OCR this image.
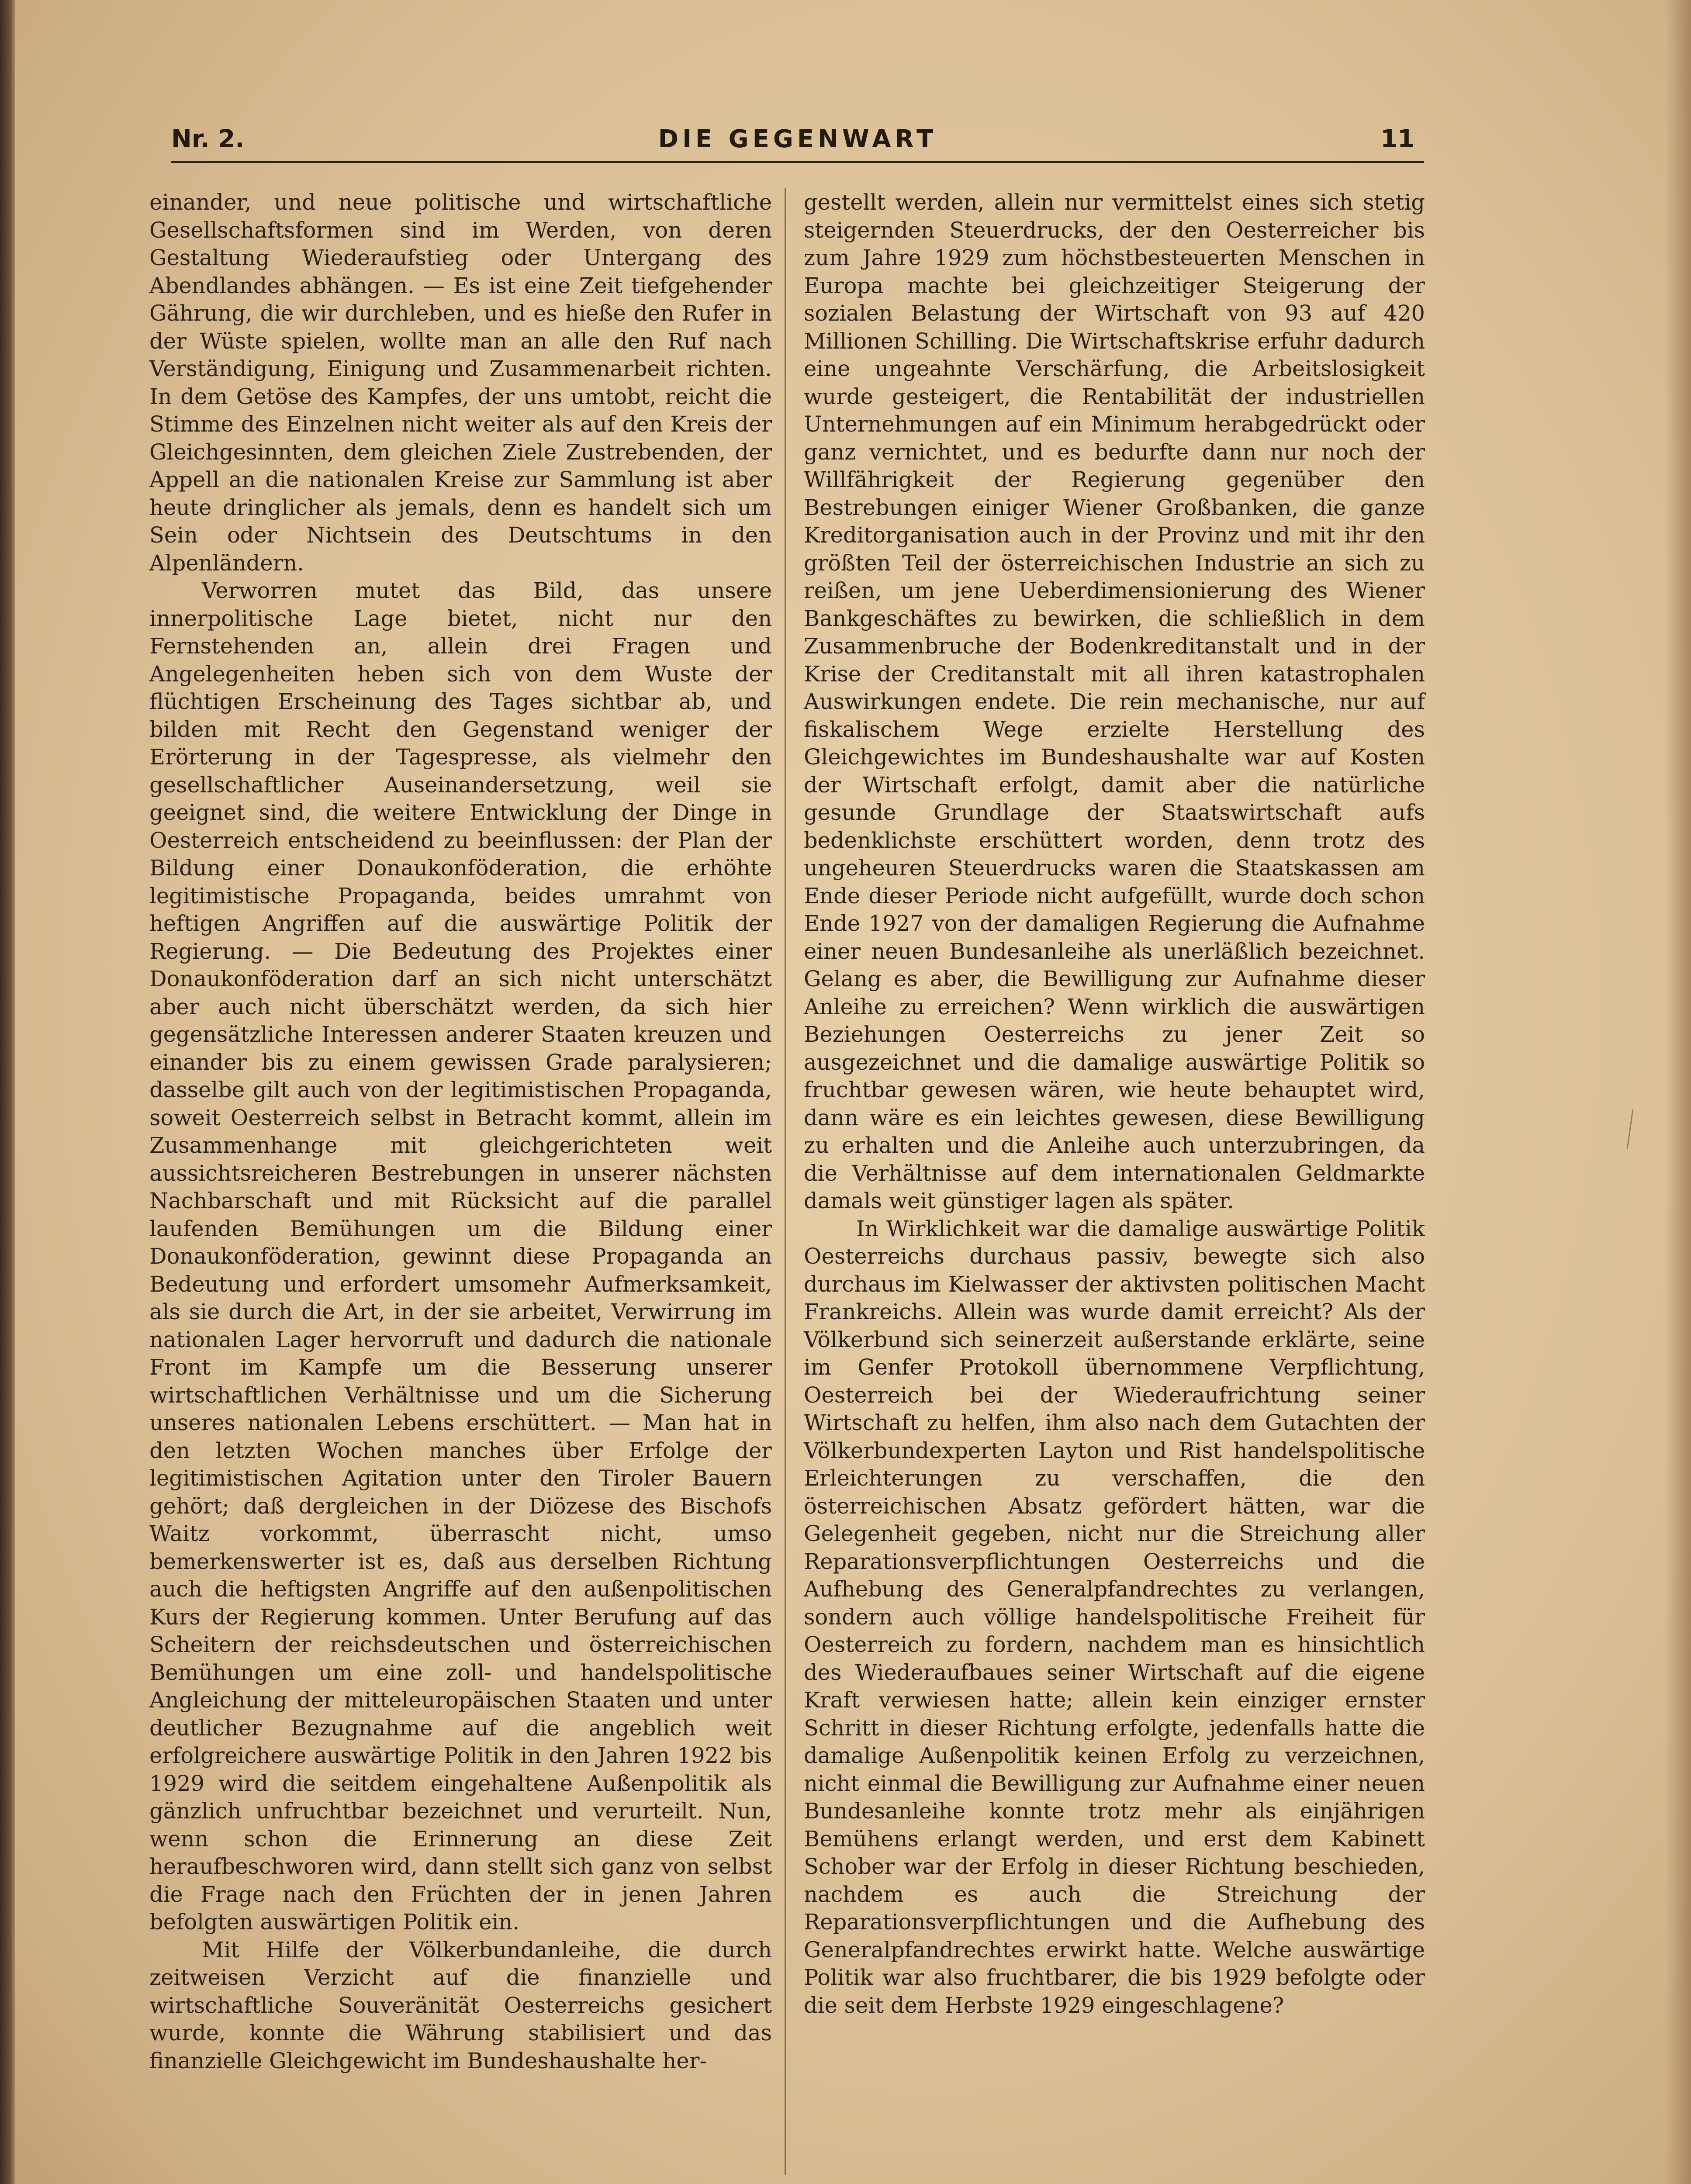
Nr. 2.	DIE GEGENWART	11

einander, und neue politische und wirtschaftliche Gesellschaftsformen sind im Werden, von deren Gestaltung Wiederaufstieg oder Untergang des Abendlandes abhängen. — Es ist eine Zeit tiefgehender Gährung, die wir durchleben, und es hieße den Rufer in der Wüste spielen, wollte man an alle den Ruf nach Verständigung, Einigung und Zusammenarbeit richten. In dem Getöse des Kampfes, der uns umtobt, reicht die Stimme des Einzelnen nicht weiter als auf den Kreis der Gleichgesinnten, dem gleichen Ziele Zustrebenden, der Appell an die nationalen Kreise zur Sammlung ist aber heute dringlicher als jemals, denn es handelt sich um Sein oder Nichtsein des Deutschtums in den Alpenländern.

Verworren mutet das Bild, das unsere innerpolitische Lage bietet, nicht nur den Fernstehenden an, allein drei Fragen und Angelegenheiten heben sich von dem Wuste der flüchtigen Erscheinung des Tages sichtbar ab, und bilden mit Recht den Gegenstand weniger der Erörterung in der Tagespresse, als vielmehr den gesellschaftlicher Auseinandersetzung, weil sie geeignet sind, die weitere Entwicklung der Dinge in Oesterreich entscheidend zu beeinflussen: der Plan der Bildung einer Donaukonföderation, die erhöhte legitimistische Propaganda, beides umrahmt von heftigen Angriffen auf die auswärtige Politik der Regierung. — Die Bedeutung des Projektes einer Donaukonföderation darf an sich nicht unterschätzt aber auch nicht überschätzt werden, da sich hier gegensätzliche Interessen anderer Staaten kreuzen und einander bis zu einem gewissen Grade paralysieren; dasselbe gilt auch von der legitimistischen Propaganda, soweit Oesterreich selbst in Betracht kommt, allein im Zusammenhange mit gleichgerichteten weit aussichtsreicheren Bestrebungen in unserer nächsten Nachbarschaft und mit Rücksicht auf die parallel laufenden Bemühungen um die Bildung einer Donaukonföderation, gewinnt diese Propaganda an Bedeutung und erfordert umsomehr Aufmerksamkeit, als sie durch die Art, in der sie arbeitet, Verwirrung im nationalen Lager hervorruft und dadurch die nationale Front im Kampfe um die Besserung unserer wirtschaftlichen Verhältnisse und um die Sicherung unseres nationalen Lebens erschüttert. — Man hat in den letzten Wochen manches über Erfolge der legitimistischen Agitation unter den Tiroler Bauern gehört; daß dergleichen in der Diözese des Bischofs Waitz vorkommt, überrascht nicht, umso bemerkenswerter ist es, daß aus derselben Richtung auch die heftigsten Angriffe auf den außenpolitischen Kurs der Regierung kommen. Unter Berufung auf das Scheitern der reichsdeutschen und österreichischen Bemühungen um eine zoll- und handelspolitische Angleichung der mitteleuropäischen Staaten und unter deutlicher Bezugnahme auf die angeblich weit erfolgreichere auswärtige Politik in den Jahren 1922 bis 1929 wird die seitdem eingehaltene Außenpolitik als gänzlich unfruchtbar bezeichnet und verurteilt. Nun, wenn schon die Erinnerung an diese Zeit heraufbeschworen wird, dann stellt sich ganz von selbst die Frage nach den Früchten der in jenen Jahren befolgten auswärtigen Politik ein.

Mit Hilfe der Völkerbundanleihe, die durch zeitweisen Verzicht auf die finanzielle und wirtschaftliche Souveränität Oesterreichs gesichert wurde, konnte die Währung stabilisiert und das finanzielle Gleichgewicht im Bundeshaushalte her-

gestellt werden, allein nur vermittelst eines sich stetig steigernden Steuerdrucks, der den Oesterreicher bis zum Jahre 1929 zum höchstbesteuerten Menschen in Europa machte bei gleichzeitiger Steigerung der sozialen Belastung der Wirtschaft von 93 auf 420 Millionen Schilling. Die Wirtschaftskrise erfuhr dadurch eine ungeahnte Verschärfung, die Arbeitslosigkeit wurde gesteigert, die Rentabilität der industriellen Unternehmungen auf ein Minimum herabgedrückt oder ganz vernichtet, und es bedurfte dann nur noch der Willfährigkeit der Regierung gegenüber den Bestrebungen einiger Wiener Großbanken, die ganze Kreditorganisation auch in der Provinz und mit ihr den größten Teil der österreichischen Industrie an sich zu reißen, um jene Ueberdimensionierung des Wiener Bankgeschäftes zu bewirken, die schließlich in dem Zusammenbruche der Bodenkreditanstalt und in der Krise der Creditanstalt mit all ihren katastrophalen Auswirkungen endete. Die rein mechanische, nur auf fiskalischem Wege erzielte Herstellung des Gleichgewichtes im Bundeshaushalte war auf Kosten der Wirtschaft erfolgt, damit aber die natürliche gesunde Grundlage der Staatswirtschaft aufs bedenklichste erschüttert worden, denn trotz des ungeheuren Steuerdrucks waren die Staatskassen am Ende dieser Periode nicht aufgefüllt, wurde doch schon Ende 1927 von der damaligen Regierung die Aufnahme einer neuen Bundesanleihe als unerläßlich bezeichnet. Gelang es aber, die Bewilligung zur Aufnahme dieser Anleihe zu erreichen? Wenn wirklich die auswärtigen Beziehungen Oesterreichs zu jener Zeit so ausgezeichnet und die damalige auswärtige Politik so fruchtbar gewesen wären, wie heute behauptet wird, dann wäre es ein leichtes gewesen, diese Bewilligung zu erhalten und die Anleihe auch unterzubringen, da die Verhältnisse auf dem internationalen Geldmarkte damals weit günstiger lagen als später.

In Wirklichkeit war die damalige auswärtige Politik Oesterreichs durchaus passiv, bewegte sich also durchaus im Kielwasser der aktivsten politischen Macht Frankreichs. Allein was wurde damit erreicht? Als der Völkerbund sich seinerzeit außerstande erklärte, seine im Genfer Protokoll übernommene Verpflichtung, Oesterreich bei der Wiederaufrichtung seiner Wirtschaft zu helfen, ihm also nach dem Gutachten der Völkerbundexperten Layton und Rist handelspolitische Erleichterungen zu verschaffen, die den österreichischen Absatz gefördert hätten, war die Gelegenheit gegeben, nicht nur die Streichung aller Reparationsverpflichtungen Oesterreichs und die Aufhebung des Generalpfandrechtes zu verlangen, sondern auch völlige handelspolitische Freiheit für Oesterreich zu fordern, nachdem man es hinsichtlich des Wiederaufbaues seiner Wirtschaft auf die eigene Kraft verwiesen hatte; allein kein einziger ernster Schritt in dieser Richtung erfolgte, jedenfalls hatte die damalige Außenpolitik keinen Erfolg zu verzeichnen, nicht einmal die Bewilligung zur Aufnahme einer neuen Bundesanleihe konnte trotz mehr als einjährigen Bemühens erlangt werden, und erst dem Kabinett Schober war der Erfolg in dieser Richtung beschieden, nachdem es auch die Streichung der Reparationsverpflichtungen und die Aufhebung des Generalpfandrechtes erwirkt hatte. Welche auswärtige Politik war also fruchtbarer, die bis 1929 befolgte oder die seit dem Herbste 1929 eingeschlagene?
